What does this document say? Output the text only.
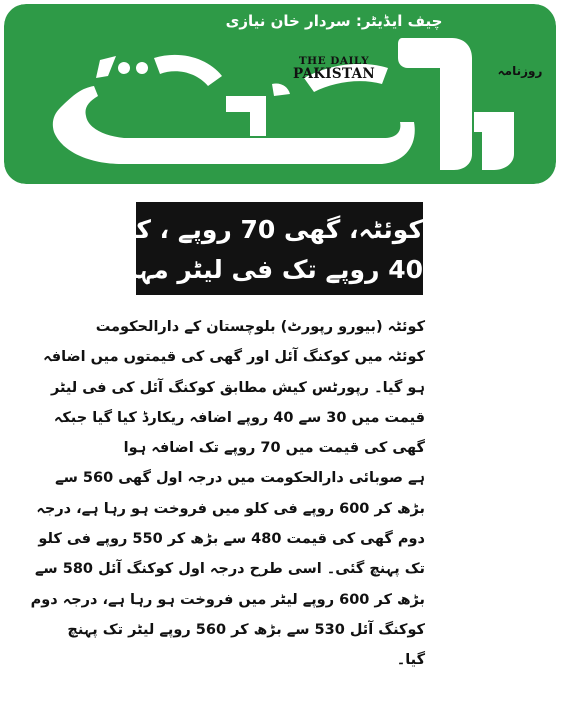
چیف ایڈیٹر: سردار خان نیازی
THE DAILY
PAKISTAN	روزنامہ
کوئٹہ، گھی 70 روپے ، کوکنگ آئل
40 روپے تک فی لیٹر مہنگا

کوئٹہ (بیورو رپورٹ) بلوچستان کے دارالحکومت

کوئٹہ میں کوکنگ آئل اور گھی کی قیمتوں میں اضافہ

ہو گیا۔ رپورٹس کیش مطابق کوکنگ آئل کی فی لیٹر

قیمت میں 30 سے 40 روپے اضافہ ریکارڈ کیا گیا جبکہ

گھی کی قیمت میں 70 روپے تک اضافہ ہوا

ہے صوبائی دارالحکومت میں درجہ اول گھی 560 سے

بڑھ کر 600 روپے فی کلو میں فروخت ہو رہا ہے، درجہ

دوم گھی کی قیمت 480 سے بڑھ کر 550 روپے فی کلو

تک پہنچ گئی۔ اسی طرح درجہ اول کوکنگ آئل 580 سے

بڑھ کر 600 روپے لیٹر میں فروخت ہو رہا ہے، درجہ دوم

کوکنگ آئل 530 سے بڑھ کر 560 روپے لیٹر تک پہنچ

گیا۔
